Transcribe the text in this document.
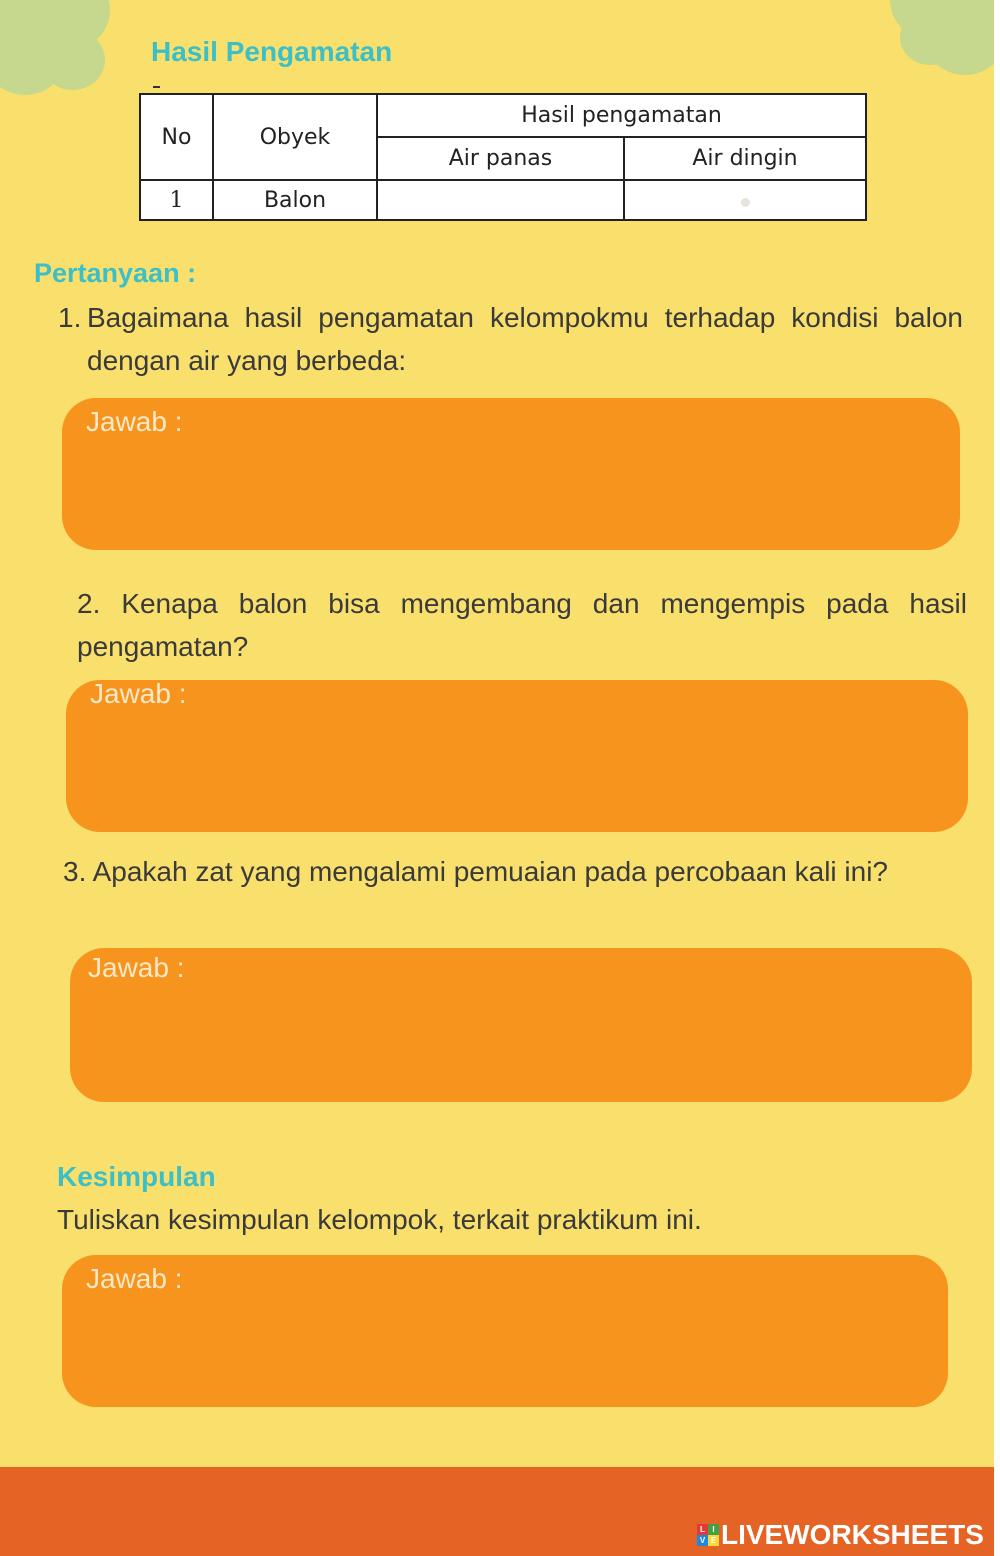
Hasil Pengamatan
No	Obyek	Hasil pengamatan	
		Air panas	Air dingin
1	Balon		
Pertanyaan :
1. Bagaimana hasil pengamatan kelompokmu terhadap kondisi balon dengan air yang berbeda:

Jawab :

2. Kenapa balon bisa mengembang dan mengempis pada hasil pengamatan?

Jawab :

3. Apakah zat yang mengalami pemuaian pada percobaan kali ini?

Jawab :
Kesimpulan

Tuliskan kesimpulan kelompok, terkait praktikum ini.

Jawab :
L I
V E LIVEWORKSHEETS
